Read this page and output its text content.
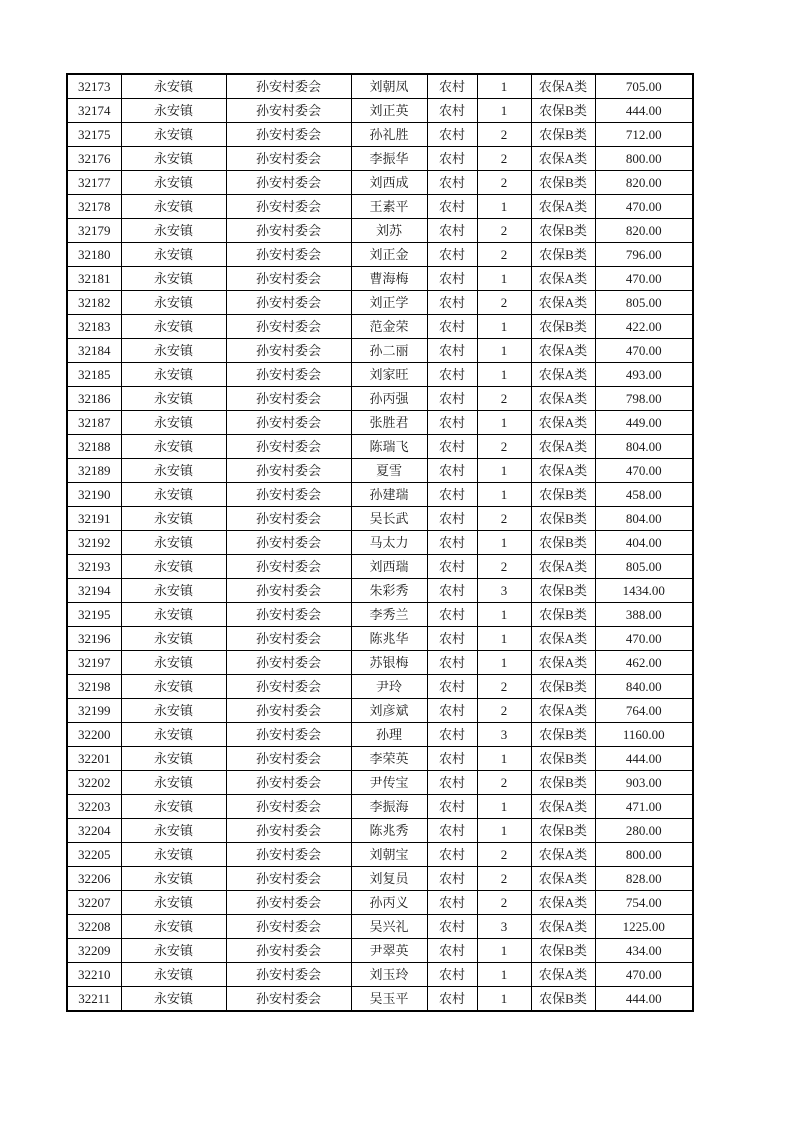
32173	永安镇	孙安村委会	刘朝凤	农村	1	农保A类	705.00
32174	永安镇	孙安村委会	刘正英	农村	1	农保B类	444.00
32175	永安镇	孙安村委会	孙礼胜	农村	2	农保B类	712.00
32176	永安镇	孙安村委会	李振华	农村	2	农保A类	800.00
32177	永安镇	孙安村委会	刘西成	农村	2	农保B类	820.00
32178	永安镇	孙安村委会	王素平	农村	1	农保A类	470.00
32179	永安镇	孙安村委会	刘苏	农村	2	农保B类	820.00
32180	永安镇	孙安村委会	刘正金	农村	2	农保B类	796.00
32181	永安镇	孙安村委会	曹海梅	农村	1	农保A类	470.00
32182	永安镇	孙安村委会	刘正学	农村	2	农保A类	805.00
32183	永安镇	孙安村委会	范金荣	农村	1	农保B类	422.00
32184	永安镇	孙安村委会	孙二丽	农村	1	农保A类	470.00
32185	永安镇	孙安村委会	刘家旺	农村	1	农保A类	493.00
32186	永安镇	孙安村委会	孙丙强	农村	2	农保A类	798.00
32187	永安镇	孙安村委会	张胜君	农村	1	农保A类	449.00
32188	永安镇	孙安村委会	陈瑞飞	农村	2	农保A类	804.00
32189	永安镇	孙安村委会	夏雪	农村	1	农保A类	470.00
32190	永安镇	孙安村委会	孙建瑞	农村	1	农保B类	458.00
32191	永安镇	孙安村委会	吴长武	农村	2	农保B类	804.00
32192	永安镇	孙安村委会	马太力	农村	1	农保B类	404.00
32193	永安镇	孙安村委会	刘西瑞	农村	2	农保A类	805.00
32194	永安镇	孙安村委会	朱彩秀	农村	3	农保B类	1434.00
32195	永安镇	孙安村委会	李秀兰	农村	1	农保B类	388.00
32196	永安镇	孙安村委会	陈兆华	农村	1	农保A类	470.00
32197	永安镇	孙安村委会	苏银梅	农村	1	农保A类	462.00
32198	永安镇	孙安村委会	尹玲	农村	2	农保B类	840.00
32199	永安镇	孙安村委会	刘彦斌	农村	2	农保A类	764.00
32200	永安镇	孙安村委会	孙理	农村	3	农保B类	1160.00
32201	永安镇	孙安村委会	李荣英	农村	1	农保B类	444.00
32202	永安镇	孙安村委会	尹传宝	农村	2	农保B类	903.00
32203	永安镇	孙安村委会	李振海	农村	1	农保A类	471.00
32204	永安镇	孙安村委会	陈兆秀	农村	1	农保B类	280.00
32205	永安镇	孙安村委会	刘朝宝	农村	2	农保A类	800.00
32206	永安镇	孙安村委会	刘复员	农村	2	农保A类	828.00
32207	永安镇	孙安村委会	孙丙义	农村	2	农保A类	754.00
32208	永安镇	孙安村委会	吴兴礼	农村	3	农保A类	1225.00
32209	永安镇	孙安村委会	尹翠英	农村	1	农保B类	434.00
32210	永安镇	孙安村委会	刘玉玲	农村	1	农保A类	470.00
32211	永安镇	孙安村委会	吴玉平	农村	1	农保B类	444.00
